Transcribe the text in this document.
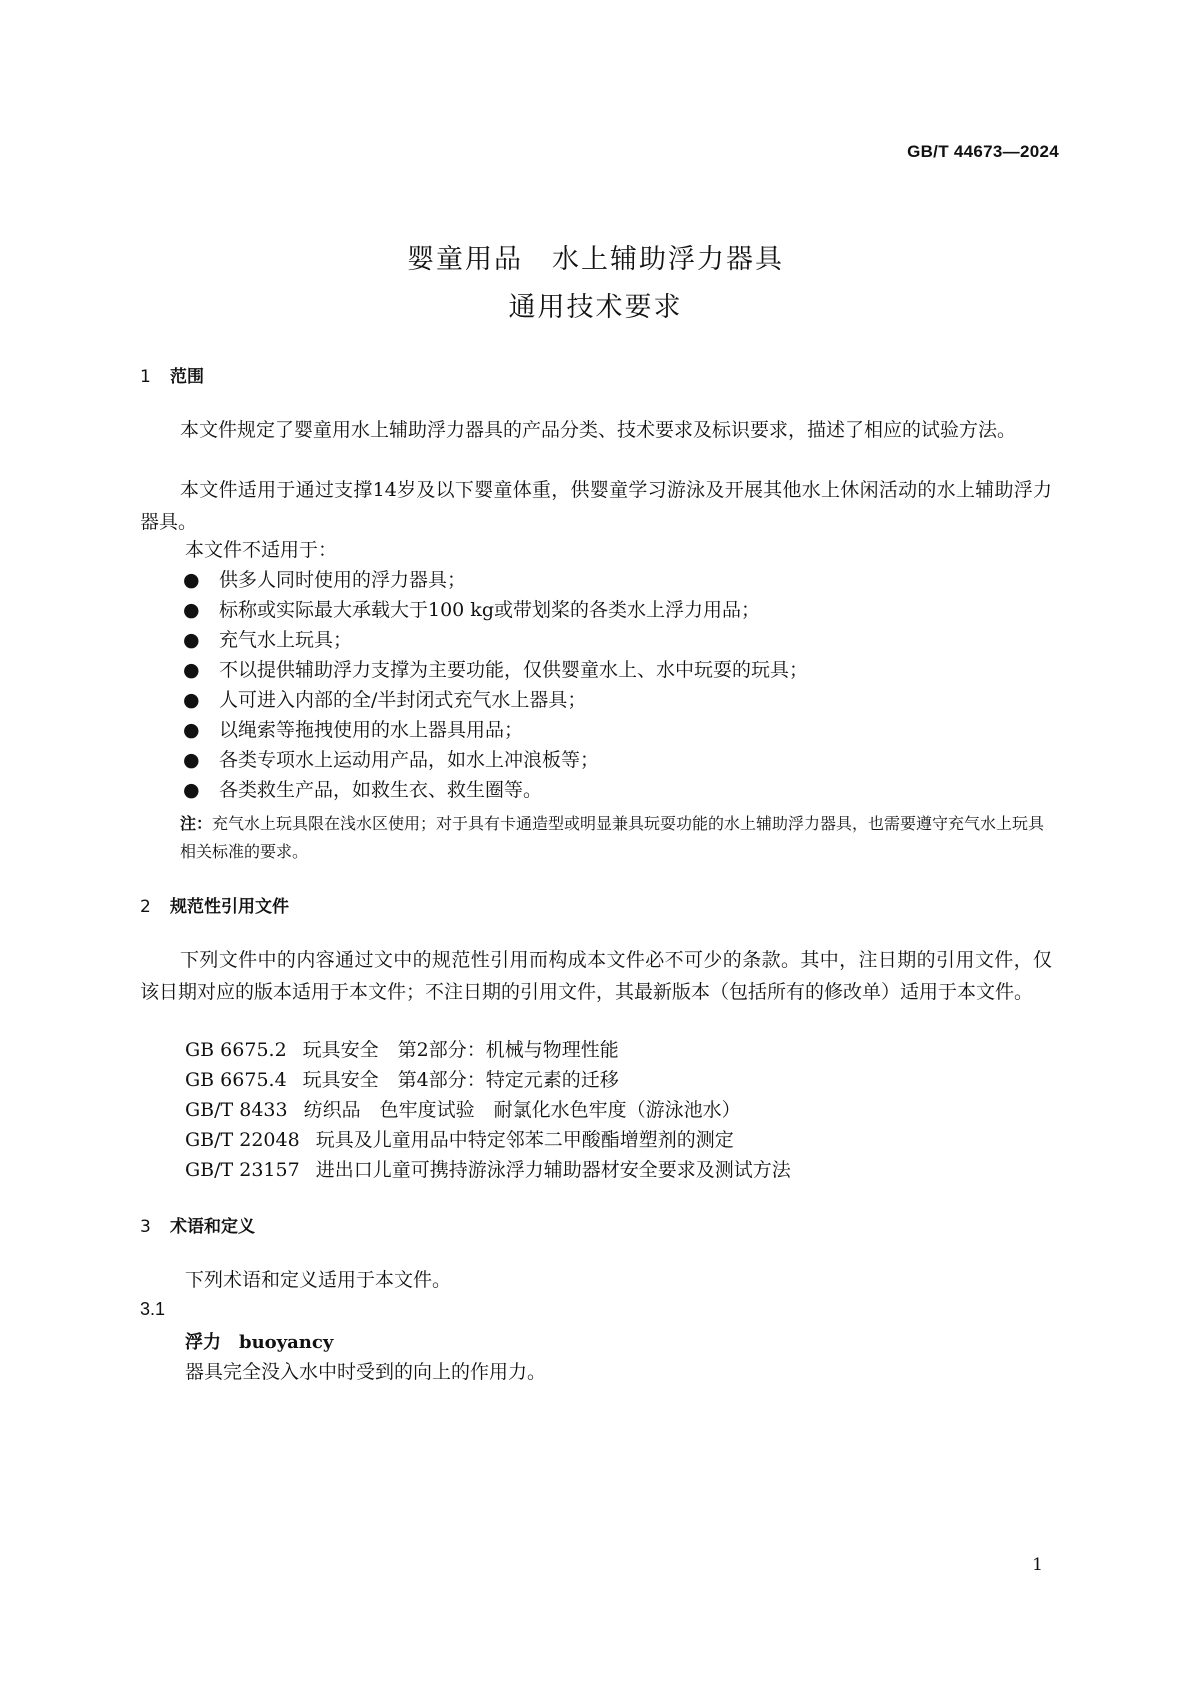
GB/T 44673—2024
婴童用品　水上辅助浮力器具
通用技术要求
1 范围
本文件规定了婴童用水上辅助浮力器具的产品分类、技术要求及标识要求，描述了相应的试验方法。
本文件适用于通过支撑14岁及以下婴童体重，供婴童学习游泳及开展其他水上休闲活动的水上辅助浮力器具。
本文件不适用于：
● 供多人同时使用的浮力器具；
● 标称或实际最大承载大于100 kg或带划桨的各类水上浮力用品；
● 充气水上玩具；
● 不以提供辅助浮力支撑为主要功能，仅供婴童水上、水中玩耍的玩具；
● 人可进入内部的全/半封闭式充气水上器具；
● 以绳索等拖拽使用的水上器具用品；
● 各类专项水上运动用产品，如水上冲浪板等；
● 各类救生产品，如救生衣、救生圈等。
注：充气水上玩具限在浅水区使用；对于具有卡通造型或明显兼具玩耍功能的水上辅助浮力器具，也需要遵守充气水上玩具相关标准的要求。
2 规范性引用文件
下列文件中的内容通过文中的规范性引用而构成本文件必不可少的条款。其中，注日期的引用文件，仅该日期对应的版本适用于本文件；不注日期的引用文件，其最新版本（包括所有的修改单）适用于本文件。
GB 6675.2 玩具安全　第2部分：机械与物理性能
GB 6675.4 玩具安全　第4部分：特定元素的迁移
GB/T 8433 纺织品　色牢度试验　耐氯化水色牢度（游泳池水）
GB/T 22048 玩具及儿童用品中特定邻苯二甲酸酯增塑剂的测定
GB/T 23157 进出口儿童可携持游泳浮力辅助器材安全要求及测试方法
3 术语和定义
下列术语和定义适用于本文件。
3.1
浮力 buoyancy
器具完全没入水中时受到的向上的作用力。
1
